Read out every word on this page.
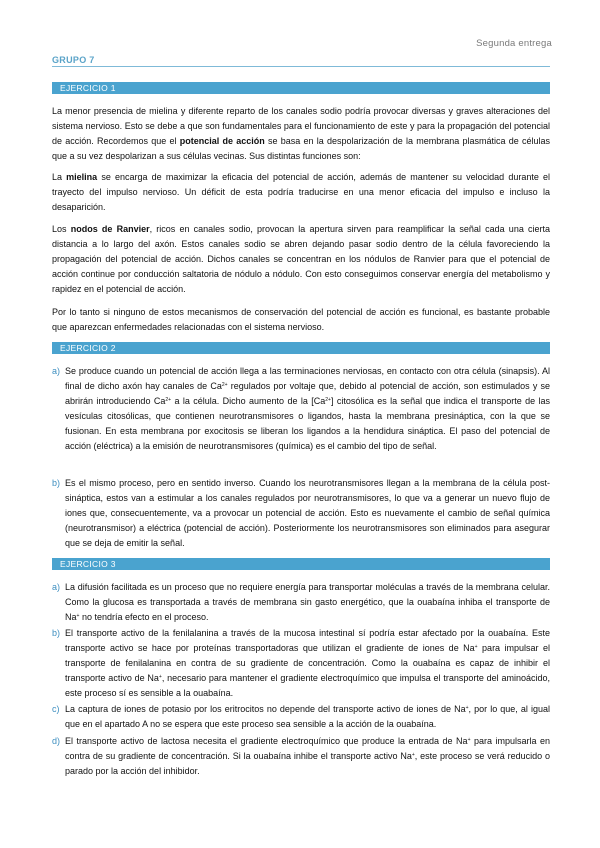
Segunda entrega
GRUPO 7
EJERCICIO 1
La menor presencia de mielina y diferente reparto de los canales sodio podría provocar diversas y graves alteraciones del sistema nervioso. Esto se debe a que son fundamentales para el funcionamiento de este y para la propagación del potencial de acción. Recordemos que el potencial de acción se basa en la despolarización de la membrana plasmática de células que a su vez despolarizan a sus células vecinas. Sus distintas funciones son:
La mielina se encarga de maximizar la eficacia del potencial de acción, además de mantener su velocidad durante el trayecto del impulso nervioso. Un déficit de esta podría traducirse en una menor eficacia del impulso e incluso la desaparición.
Los nodos de Ranvier, ricos en canales sodio, provocan la apertura sirven para reamplificar la señal cada una cierta distancia a lo largo del axón. Estos canales sodio se abren dejando pasar sodio dentro de la célula favoreciendo la propagación del potencial de acción. Dichos canales se concentran en los nódulos de Ranvier para que el potencial de acción continue por conducción saltatoria de nódulo a nódulo. Con esto conseguimos conservar energía del metabolismo y rapidez en el potencial de acción.
Por lo tanto si ninguno de estos mecanismos de conservación del potencial de acción es funcional, es bastante probable que aparezcan enfermedades relacionadas con el sistema nervioso.
EJERCICIO 2
a) Se produce cuando un potencial de acción llega a las terminaciones nerviosas, en contacto con otra célula (sinapsis). Al final de dicho axón hay canales de $Ca^{2+}$ regulados por voltaje que, debido al potencial de acción, son estimulados y se abrirán introduciendo $Ca^{2+}$ a la célula. Dicho aumento de la $[Ca^{2+}]$ citosólica es la señal que indica el transporte de las vesículas citosólicas, que contienen neurotransmisores o ligandos, hasta la membrana presináptica, con la que se fusionan. En esta membrana por exocitosis se liberan los ligandos a la hendidura sináptica. El paso del potencial de acción (eléctrica) a la emisión de neurotransmisores (química) es el cambio del tipo de señal.
b) Es el mismo proceso, pero en sentido inverso. Cuando los neurotransmisores llegan a la membrana de la célula post-sináptica, estos van a estimular a los canales regulados por neurotransmisores, lo que va a generar un nuevo flujo de iones que, consecuentemente, va a provocar un potencial de acción. Esto es nuevamente el cambio de señal química (neurotransmisor) a eléctrica (potencial de acción). Posteriormente los neurotransmisores son eliminados para asegurar que se deja de emitir la señal.
EJERCICIO 3
a) La difusión facilitada es un proceso que no requiere energía para transportar moléculas a través de la membrana celular. Como la glucosa es transportada a través de membrana sin gasto energético, que la ouabaína inhiba el transporte de Na+ no tendría efecto en el proceso.
b) El transporte activo de la fenilalanina a través de la mucosa intestinal sí podría estar afectado por la ouabaína. Este transporte activo se hace por proteínas transportadoras que utilizan el gradiente de iones de Na+ para impulsar el transporte de fenilalanina en contra de su gradiente de concentración. Como la ouabaína es capaz de inhibir el transporte activo de Na+, necesario para mantener el gradiente electroquímico que impulsa el transporte del aminoácido, este proceso sí es sensible a la ouabaína.
c) La captura de iones de potasio por los eritrocitos no depende del transporte activo de iones de Na+, por lo que, al igual que en el apartado A no se espera que este proceso sea sensible a la acción de la ouabaína.
d) El transporte activo de lactosa necesita el gradiente electroquímico que produce la entrada de Na+ para impulsarla en contra de su gradiente de concentración. Si la ouabaína inhibe el transporte activo Na+, este proceso se verá reducido o parado por la acción del inhibidor.
